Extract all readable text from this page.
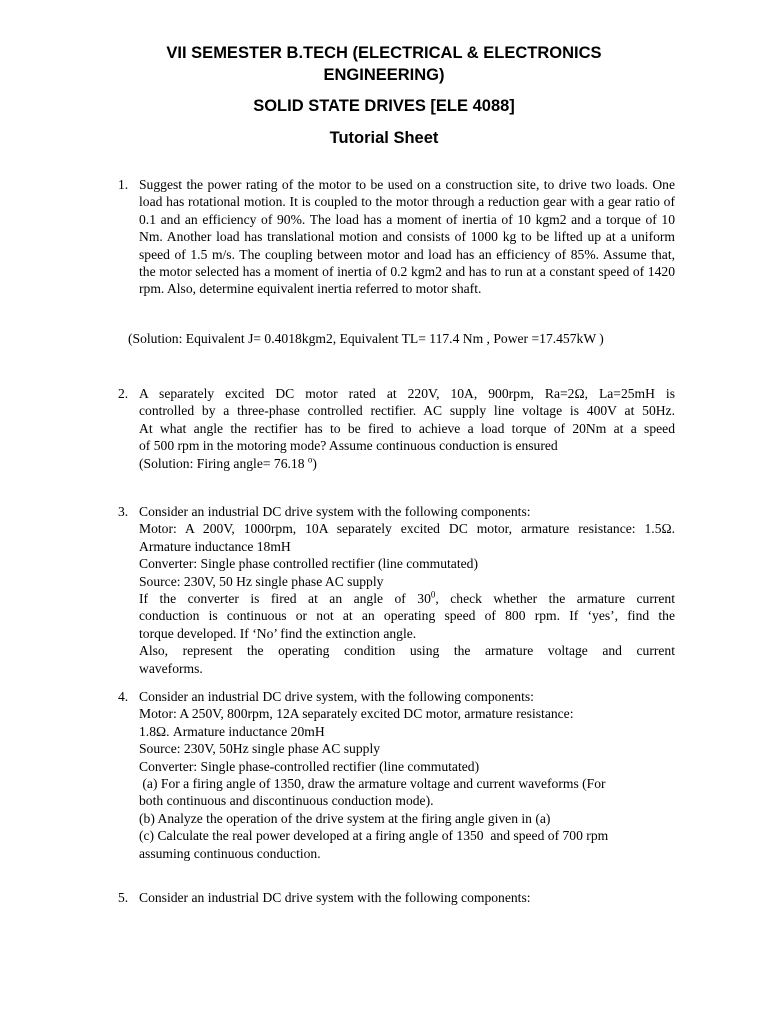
VII SEMESTER B.TECH (ELECTRICAL & ELECTRONICS
ENGINEERING)
SOLID STATE DRIVES [ELE 4088]
Tutorial Sheet
1. Suggest the power rating of the motor to be used on a construction site, to drive two loads. One load has rotational motion. It is coupled to the motor through a reduction gear with a gear ratio of 0.1 and an efficiency of 90%. The load has a moment of inertia of 10 kgm2 and a torque of 10 Nm. Another load has translational motion and consists of 1000 kg to be lifted up at a uniform speed of 1.5 m/s. The coupling between motor and load has an efficiency of 85%. Assume that, the motor selected has a moment of inertia of 0.2 kgm2 and has to run at a constant speed of 1420 rpm. Also, determine equivalent inertia referred to motor shaft.
(Solution: Equivalent J= 0.4018kgm2, Equivalent TL= 117.4 Nm , Power =17.457kW )
2. A separately excited DC motor rated at 220V, 10A, 900rpm, Ra=2Ω, La=25mH is
controlled by a three-phase controlled rectifier. AC supply line voltage is 400V at 50Hz.
At what angle the rectifier has to be fired to achieve a load torque of 20Nm at a speed
of 500 rpm in the motoring mode? Assume continuous conduction is ensured
(Solution: Firing angle= 76.18 $^o$)
3. Consider an industrial DC drive system with the following components:
Motor: A 200V, 1000rpm, 10A separately excited DC motor, armature resistance: 1.5Ω.
Armature inductance 18mH
Converter: Single phase controlled rectifier (line commutated)
Source: 230V, 50 Hz single phase AC supply
If the converter is fired at an angle of $30^0$, check whether the armature current
conduction is continuous or not at an operating speed of 800 rpm. If ‘yes’, find the
torque developed. If ‘No’ find the extinction angle.
Also, represent the operating condition using the armature voltage and current
waveforms.
4. Consider an industrial DC drive system, with the following components:
Motor: A 250V, 800rpm, 12A separately excited DC motor, armature resistance:
1.8Ω. Armature inductance 20mH
Source: 230V, 50Hz single phase AC supply
Converter: Single phase-controlled rectifier (line commutated)
(a) For a firing angle of 1350, draw the armature voltage and current waveforms (For
both continuous and discontinuous conduction mode).
(b) Analyze the operation of the drive system at the firing angle given in (a)
(c) Calculate the real power developed at a firing angle of 1350  and speed of 700 rpm
assuming continuous conduction.
5. Consider an industrial DC drive system with the following components:
